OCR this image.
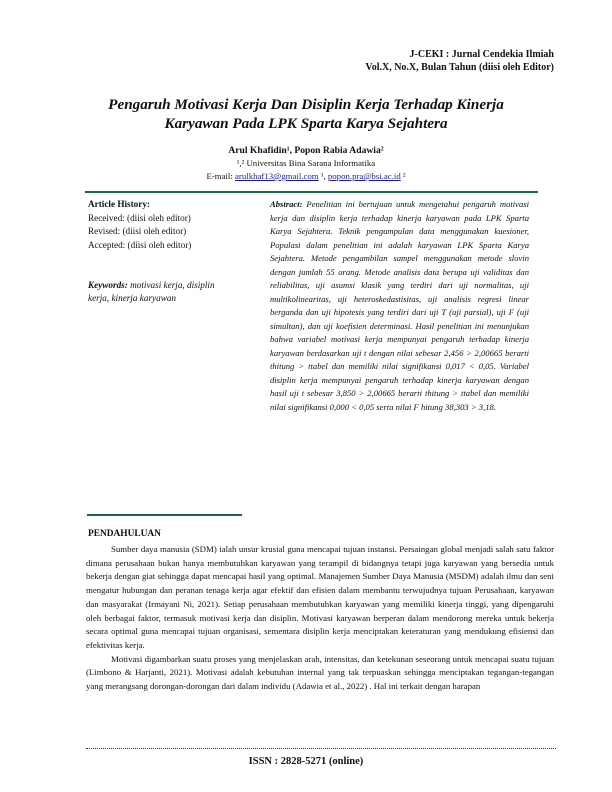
J-CEKI : Jurnal Cendekia Ilmiah
Vol.X, No.X, Bulan Tahun (diisi oleh Editor)
Pengaruh Motivasi Kerja Dan Disiplin Kerja Terhadap Kinerja
Karyawan Pada LPK Sparta Karya Sejahtera
Arul Khafidin¹, Popon Rabia Adawia²
¹,² Universitas Bina Sarana Informatika
E-mail: arulkhaf13@gmail.com ¹, popon.pra@bsi.ac.id ²
Article History:
Received: (diisi oleh editor)
Revised: (diisi oleh editor)
Accepted: (diisi oleh editor)
Keywords: motivasi kerja, disiplin kerja, kinerja karyawan
Abstract: Penelitian ini bertujuan untuk mengetahui pengaruh motivasi kerja dan disiplin kerja terhadap kinerja karyawan pada LPK Sparta Karya Sejahtera. Teknik pengumpulan data menggunakan kuesioner, Populasi dalam penelitian ini adalah karyawan LPK Sparta Karya Sejahtera. Metode pengambilan sampel menggunakan metode slovin dengan jumlah 55 orang. Metode analisis data berupa uji validitas dan reliabilitas, uji asumsi klasik yang terdiri dari uji normalitas, uji multikolinearitas, uji heteroskedastisitas, uji analisis regresi linear berganda dan uji hipotesis yang terdiri dari uji T (uji parsial), uji F (uji simultan), dan uji koefisien determinasi. Hasil penelitian ini menunjukan bahwa variabel motivasi kerja mempunyai pengaruh terhadap kinerja karyawan berdasarkan uji t dengan nilai sebesar 2,456 > 2,00665 berarti thitung > ttabel dan memiliki nilai signifikansi 0,017 < 0,05. Variabel disiplin kerja mempunyai pengaruh terhadap kinerja karyawan dengan hasil uji t sebesar 3,850 > 2,00665 berarti thitung > ttabel dan memiliki nilai signifikansi 0,000 < 0,05 serta nilai F hitung 38,303 > 3,18.
PENDAHULUAN

Sumber daya manusia (SDM) ialah unsur krusial guna mencapai tujuan instansi. Persaingan global menjadi salah satu faktor dimana perusahaan bukan hanya membutuhkan karyawan yang terampil di bidangnya tetapi juga karyawan yang bersedia untuk bekerja dengan giat sehingga dapat mencapai hasil yang optimal. Manajemen Sumber Daya Manusia (MSDM) adalah ilmu dan seni mengatur hubungan dan peranan tenaga kerja agar efektif dan efisien dalam membantu terwujudnya tujuan Perusahaan, karyawan dan masyarakat (Irmayani Ni, 2021). Setiap perusahaan membutuhkan karyawan yang memiliki kinerja tinggi, yang dipengaruhi oleh berbagai faktor, termasuk motivasi kerja dan disiplin. Motivasi karyawan berperan dalam mendorong mereka untuk bekerja secara optimal guna mencapai tujuan organisasi, sementara disiplin kerja menciptakan keteraturan yang mendukung efisiensi dan efektivitas kerja.

Motivasi digambarkan suatu proses yang menjelaskan arah, intensitas, dan ketekunan seseorang untuk mencapai suatu tujuan (Limbono & Harjanti, 2021). Motivasi adalah kebutuhan internal yang tak terpuaskan sehingga menciptakan tegangan-tegangan yang merangsang dorongan-dorongan dari dalam individu (Adawia et al., 2022) . Hal ini terkait dengan harapan

ISSN : 2828-5271 (online)
